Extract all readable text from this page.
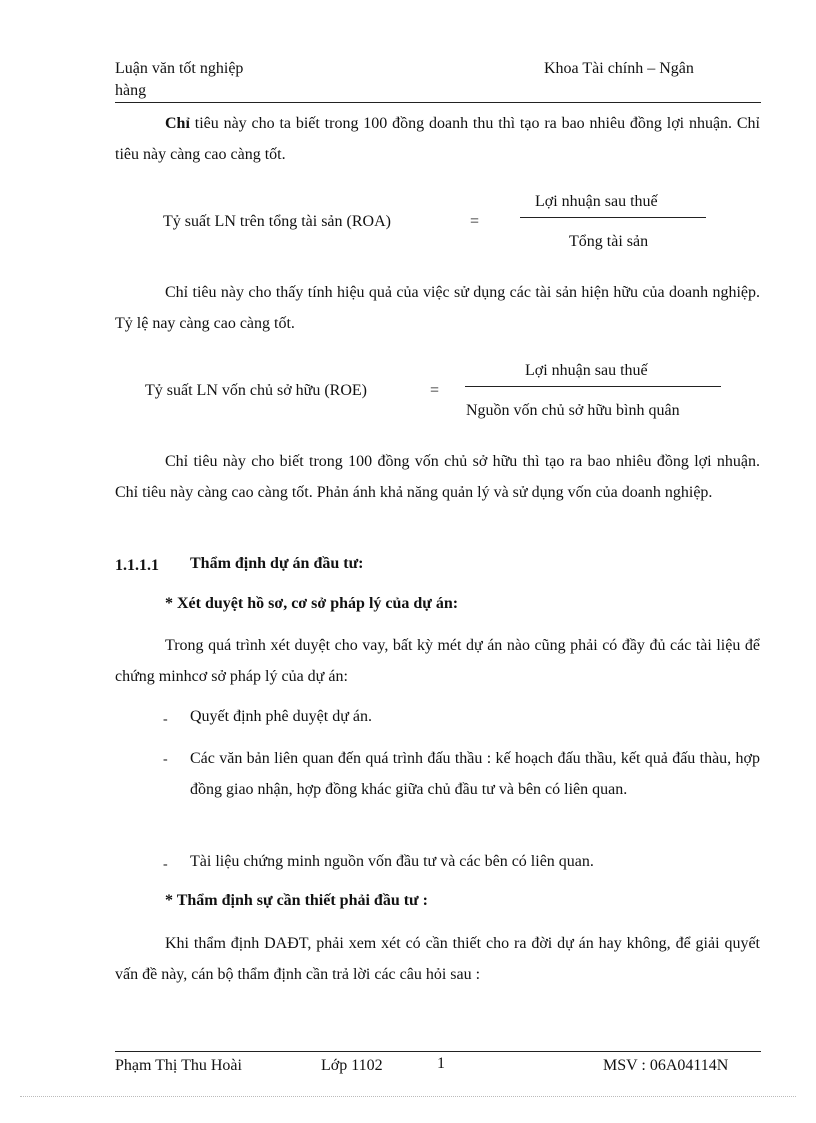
Luận văn tốt nghiệp
hàng
Khoa Tài chính – Ngân
Chỉ tiêu này cho ta biết trong 100 đồng doanh thu thì tạo ra bao nhiêu đồng lợi nhuận. Chỉ tiêu này càng cao càng tốt.
Tỷ suất LN trên tổng tài sản (ROA)	=
Lợi nhuận sau thuế
Tổng tài sản
Chỉ tiêu này cho thấy tính hiệu quả của việc sử dụng các tài sản hiện hữu của doanh nghiệp. Tỷ lệ nay càng cao càng tốt.
Tỷ suất LN vốn chủ sở hữu (ROE)	=
Lợi nhuận sau thuế
Nguồn vốn chủ sở hữu bình quân
Chỉ tiêu này cho biết trong 100 đồng vốn chủ sở hữu thì tạo ra bao nhiêu đồng lợi nhuận. Chỉ tiêu này càng cao càng tốt. Phản ánh khả năng quản lý và sử dụng vốn của doanh nghiệp.
1.1.1.1 Thẩm định dự án đầu tư:
* Xét duyệt hồ sơ, cơ sở pháp lý của dự án:
Trong quá trình xét duyệt cho vay, bất kỳ mét dự án nào cũng phải có đầy đủ các tài liệu để chứng minhcơ sở pháp lý của dự án:
- Quyết định phê duyệt dự án.
- Các văn bản liên quan đến quá trình đấu thầu : kế hoạch đấu thầu, kết quả đấu thàu, hợp đồng giao nhận, hợp đồng khác giữa chủ đầu tư và bên có liên quan.
- Tài liệu chứng minh nguồn vốn đầu tư và các bên có liên quan.
* Thẩm định sự cần thiết phải đầu tư :
Khi thẩm định DAĐT, phải xem xét có cần thiết cho ra đời dự án hay không, để giải quyết vấn đề này, cán bộ thẩm định cần trả lời các câu hỏi sau :
Phạm Thị Thu Hoài	Lớp 1102	1	MSV : 06A04114N
